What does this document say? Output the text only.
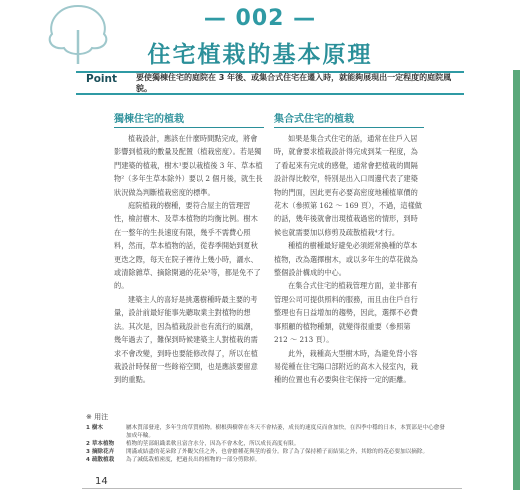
— 002 —
住宅植栽的基本原理
Point 要使獨棟住宅的庭院在 3 年後、或集合式住宅在遷入時，就能夠展現出一定程度的庭院風貌。
獨棟住宅的植栽

植栽設計，應該在什麼時間點完成，將會影響到植栽的數量及配置（植栽密度）。若是獨門建築的植栽，樹木¹要以栽植後 3 年、草本植物²（多年生草本除外）要以 2 個月後，就生長狀況做為判斷植栽密度的標準。

庭院植栽的樹種，要符合屋主的管理習性，檢討樹木、及草本植物的均衡比例。樹木在一整年的生長速度有限，幾乎不需費心照料，然而，草本植物的話，從春季開始到夏秋更迭之際，每天在院子裡待上幾小時，灑水、或清除雜草、摘除開過的花朵³等，都是免不了的。

建築主人的喜好是挑選樹種時最主要的考量，設計前最好能事先聽取業主對植物的想法。其次是，因為植栽設計也有流行的風潮，幾年過去了，難保到時候建築主人對植栽的需求不會改變，到時也要能修改得了，所以在植栽設計時保留一些餘裕空間，也是應該要留意到的重點。

集合式住宅的植栽

如果是集合式住宅的話，通常在住戶入居時，就會要求植栽設計得完成到某一程度，為了看起來有完成的感覺，通常會把植栽的間隔設計得比較窄，特別是出入口周邊代表了建築物的門面，因此更有必要高密度地種植單價的花木（參照第 162 ～ 169 頁），不過，這樣做的話，幾年後就會出現植栽過密的情形，到時候也就需要加以修剪及疏散植栽⁴才行。

種植的樹種最好避免必須經常換種的草本植物，改為選擇樹木，或以多年生的草花做為整個設計構成的中心。

在集合式住宅的植栽管理方面，並非都有管理公司可提供照料的服務，而且由住戶自行整理也有日益增加的趨勢，因此，選擇不必費事照顧的植物種類，就變得很重要（參照第 212 ～ 213 頁）。

此外，栽種高大型樹木時，為避免背小容易從種在住宅陽口部附近的高木入侵室內，栽種的位置也有必要與住宅保持一定的距離。

※ 用注
1 樹木	屬木質部發達，多年生的草質植物。樹根與樹幹在冬天不會枯萎，成長的速度反而會加快，在四季中穩的日本，本質部是中心愈發加成年輪。
2 草本植物	植物的莖部組織柔軟且富含水分，因為不會木化，所以成長高度有限。
3 摘除花卉	開滿或結盡的花朵除了外觀欠佳之外，也會搶種花與莖的養分。除了為了保持種子而結果之外，其餘的的花必要加以摘除。
4 疏散植栽	為了減低栽植密度，把過長出的植物的一部分剪除掉。
14
